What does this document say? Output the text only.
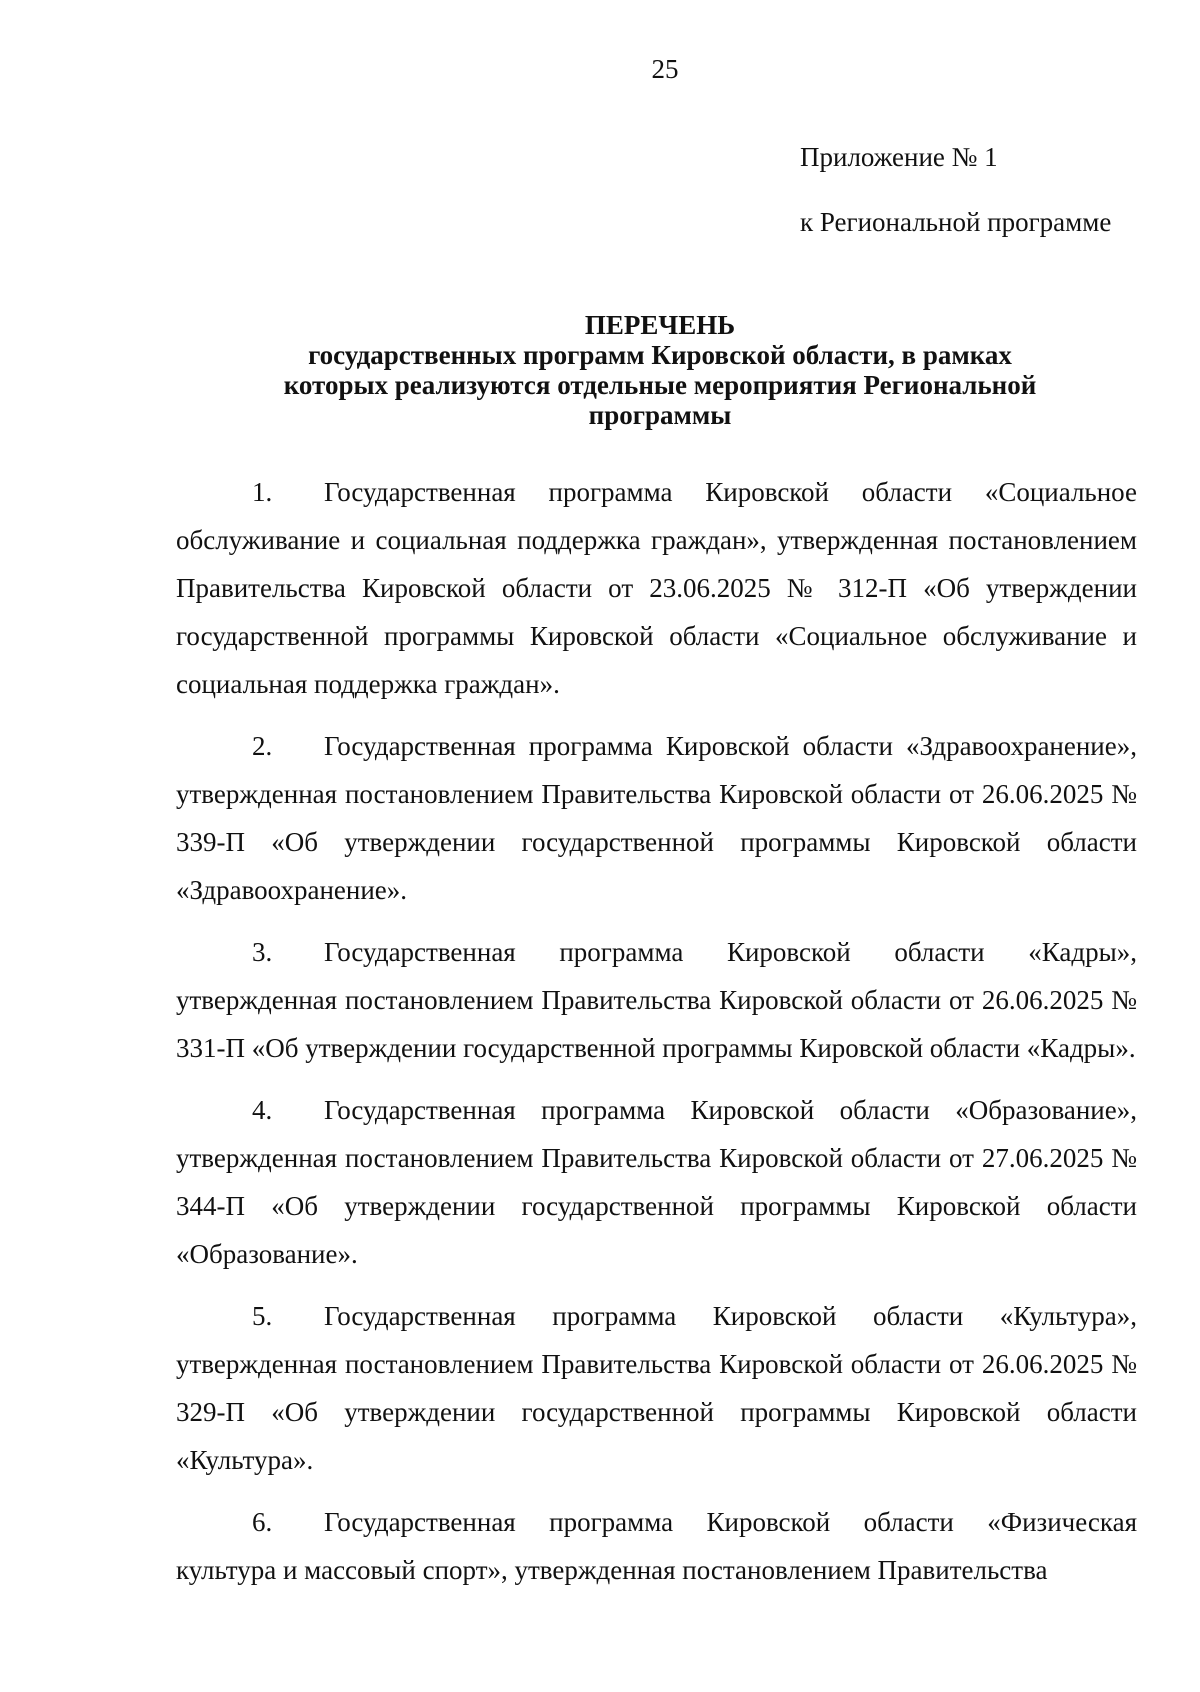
25
Приложение № 1
к Региональной программе
ПЕРЕЧЕНЬ
государственных программ Кировской области, в рамках
которых реализуются отдельные мероприятия Региональной
программы

1. Государственная программа Кировской области «Социальное обслуживание и социальная поддержка граждан», утвержденная постановлением Правительства Кировской области от 23.06.2025 № 312-П «Об утверждении государственной программы Кировской области «Социальное обслуживание и социальная поддержка граждан».

2. Государственная программа Кировской области «Здравоохранение», утвержденная постановлением Правительства Кировской области от 26.06.2025 № 339-П «Об утверждении государственной программы Кировской области «Здравоохранение».

3. Государственная программа Кировской области «Кадры», утвержденная постановлением Правительства Кировской области от 26.06.2025 № 331-П «Об утверждении государственной программы Кировской области «Кадры».

4. Государственная программа Кировской области «Образование», утвержденная постановлением Правительства Кировской области от 27.06.2025 № 344-П «Об утверждении государственной программы Кировской области «Образование».

5. Государственная программа Кировской области «Культура», утвержденная постановлением Правительства Кировской области от 26.06.2025 № 329-П «Об утверждении государственной программы Кировской области «Культура».

6. Государственная программа Кировской области «Физическая культура и массовый спорт», утвержденная постановлением Правительства
